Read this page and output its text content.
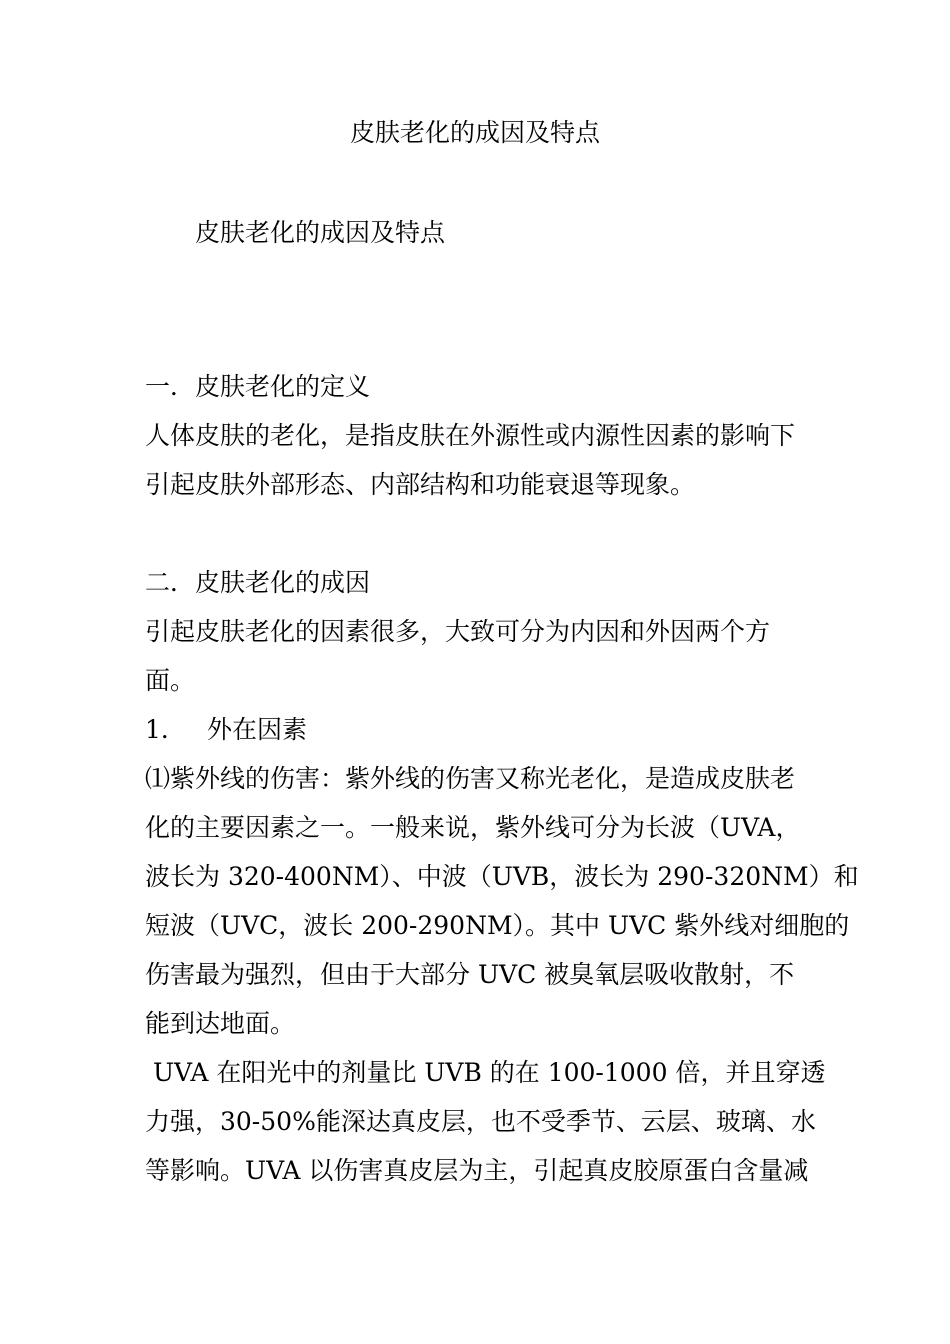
皮肤老化的成因及特点
皮肤老化的成因及特点

一．皮肤老化的定义

人体皮肤的老化，是指皮肤在外源性或内源性因素的影响下

引起皮肤外部形态、内部结构和功能衰退等现象。

二．皮肤老化的成因

引起皮肤老化的因素很多，大致可分为内因和外因两个方

面。

1． 外在因素

⑴紫外线的伤害：紫外线的伤害又称光老化，是造成皮肤老

化的主要因素之一。一般来说，紫外线可分为长波（UVA，

波长为 320-400NM）、中波（UVB，波长为 290-320NM）和

短波（UVC，波长 200-290NM）。其中 UVC 紫外线对细胞的

伤害最为强烈，但由于大部分 UVC 被臭氧层吸收散射，不

能到达地面。

UVA 在阳光中的剂量比 UVB 的在 100-1000 倍，并且穿透

力强，30-50%能深达真皮层，也不受季节、云层、玻璃、水

等影响。UVA 以伤害真皮层为主，引起真皮胶原蛋白含量减
